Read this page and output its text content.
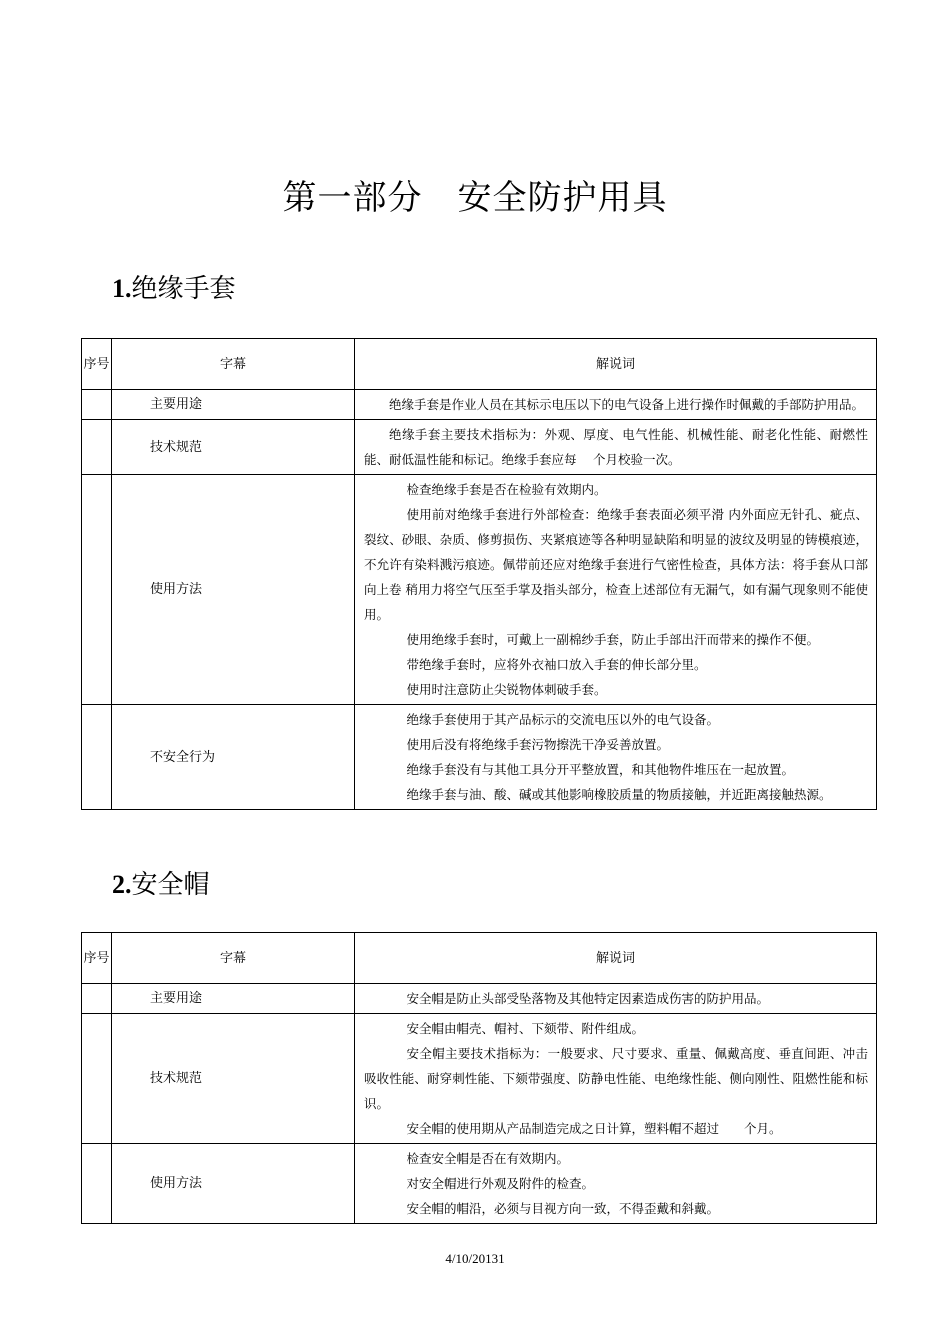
第一部分　安全防护用具
1.绝缘手套
序号	字幕	解说词
	主要用途	绝缘手套是作业人员在其标示电压以下的电气设备上进行操作时佩戴的手部防护用品。

	技术规范	绝缘手套主要技术指标为：外观、厚度、电气性能、机械性能、耐老化性能、耐燃性能、耐低温性能和标记。绝缘手套应每　 个月校验一次。

	使用方法	检查绝缘手套是否在检验有效期内。

使用前对绝缘手套进行外部检查：绝缘手套表面必须平滑 内外面应无针孔、疵点、裂纹、砂眼、杂质、修剪损伤、夹紧痕迹等各种明显缺陷和明显的波纹及明显的铸模痕迹，不允许有染料溅污痕迹。佩带前还应对绝缘手套进行气密性检查，具体方法：将手套从口部向上卷 稍用力将空气压至手掌及指头部分，检查上述部位有无漏气，如有漏气现象则不能使用。

使用绝缘手套时，可戴上一副棉纱手套，防止手部出汗而带来的操作不便。

带绝缘手套时，应将外衣袖口放入手套的伸长部分里。

使用时注意防止尖锐物体刺破手套。

	不安全行为	绝缘手套使用于其产品标示的交流电压以外的电气设备。

使用后没有将绝缘手套污物擦洗干净妥善放置。

绝缘手套没有与其他工具分开平整放置，和其他物件堆压在一起放置。

绝缘手套与油、酸、碱或其他影响橡胶质量的物质接触，并近距离接触热源。

2.安全帽
序号	字幕	解说词
	主要用途	安全帽是防止头部受坠落物及其他特定因素造成伤害的防护用品。

	技术规范	安全帽由帽壳、帽衬、下颏带、附件组成。

安全帽主要技术指标为：一般要求、尺寸要求、重量、佩戴高度、垂直间距、冲击吸收性能、耐穿刺性能、下颏带强度、防静电性能、电绝缘性能、侧向刚性、阻燃性能和标识。

安全帽的使用期从产品制造完成之日计算，塑料帽不超过　　个月。

	使用方法	检查安全帽是否在有效期内。

对安全帽进行外观及附件的检查。

安全帽的帽沿，必须与目视方向一致，不得歪戴和斜戴。

4/10/20131
